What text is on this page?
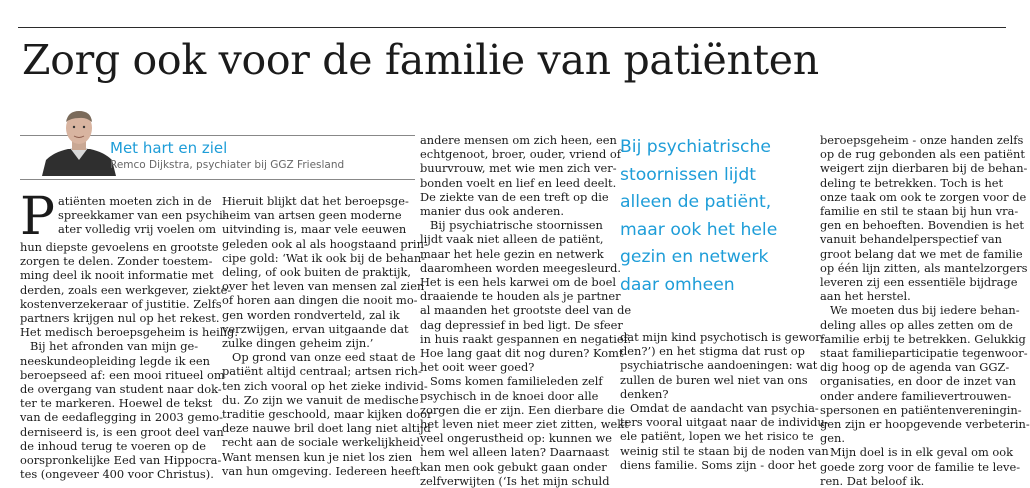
Zorg ook voor de familie van patiënten

Met hart en ziel

Remco Dijkstra, psychiater bij GGZ Friesland

P atiënten moeten zich in de
spreekkamer van een psychi-
ater volledig vrij voelen om
hun diepste gevoelens en grootste
zorgen te delen. Zonder toestem-
ming deel ik nooit informatie met
derden, zoals een werkgever, ziekte-
kostenverzekeraar of justitie. Zelfs
partners krijgen nul op het rekest.
Het medisch beroepsgeheim is heilig.
Bij het afronden van mijn ge-
neeskundeopleiding legde ik een
beroepseed af: een mooi ritueel om
de overgang van student naar dok-
ter te markeren. Hoewel de tekst
van de eedaflegging in 2003 gemo-
derniseerd is, is een groot deel van
de inhoud terug te voeren op de
oorspronkelijke Eed van Hippocra-
tes (ongeveer 400 voor Christus).
Hieruit blijkt dat het beroepsge-
heim van artsen geen moderne
uitvinding is, maar vele eeuwen
geleden ook al als hoogstaand prin-
cipe gold: ‘Wat ik ook bij de behan-
deling, of ook buiten de praktijk,
over het leven van mensen zal zien
of horen aan dingen die nooit mo-
gen worden rondverteld, zal ik
verzwijgen, ervan uitgaande dat
zulke dingen geheim zijn.’
Op grond van onze eed staat de
patiënt altijd centraal; artsen rich-
ten zich vooral op het zieke individ-
du. Zo zijn we vanuit de medische
traditie geschoold, maar kijken door
deze nauwe bril doet lang niet altijd
recht aan de sociale werkelijkheid.
Want mensen kun je niet los zien
van hun omgeving. Iedereen heeft
andere mensen om zich heen, een
echtgenoot, broer, ouder, vriend of
buurvrouw, met wie men zich ver-
bonden voelt en lief en leed deelt.
De ziekte van de een treft op die
manier dus ook anderen.
Bij psychiatrische stoornissen
lijdt vaak niet alleen de patiënt,
maar het hele gezin en netwerk
daaromheen worden meegesleurd.
Het is een hels karwei om de boel
draaiende te houden als je partner
al maanden het grootste deel van de
dag depressief in bed ligt. De sfeer
in huis raakt gespannen en negatief.
Hoe lang gaat dit nog duren? Komt
het ooit weer goed?
Soms komen familieleden zelf
psychisch in de knoei door alle
zorgen die er zijn. Een dierbare die
het leven niet meer ziet zitten, wekt
veel ongerustheid op: kunnen we
hem wel alleen laten? Daarnaast
kan men ook gebukt gaan onder
zelfverwijten (‘Is het mijn schuld
Bij psychiatrische
stoornissen lijdt
alleen de patiënt,
maar ook het hele
gezin en netwerk
daar omheen
dat mijn kind psychotisch is gewor-
den?’) en het stigma dat rust op
psychiatrische aandoeningen: wat
zullen de buren wel niet van ons
denken?
Omdat de aandacht van psychia-
ters vooral uitgaat naar de individu-
ele patiënt, lopen we het risico te
weinig stil te staan bij de noden van
diens familie. Soms zijn - door het
beroepsgeheim - onze handen zelfs
op de rug gebonden als een patiënt
weigert zijn dierbaren bij de behan-
deling te betrekken. Toch is het
onze taak om ook te zorgen voor de
familie en stil te staan bij hun vra-
gen en behoeften. Bovendien is het
vanuit behandelperspectief van
groot belang dat we met de familie
op één lijn zitten, als mantelzorgers
leveren zij een essentiële bijdrage
aan het herstel.
We moeten dus bij iedere behan-
deling alles op alles zetten om de
familie erbij te betrekken. Gelukkig
staat familieparticipatie tegenwoor-
dig hoog op de agenda van GGZ-
organisaties, en door de inzet van
onder andere familievertrouwen-
spersonen en patiëntenvereningin-
gen zijn er hoopgevende verbeterin-
gen.
Mijn doel is in elk geval om ook
goede zorg voor de familie te leve-
ren. Dat beloof ik.
